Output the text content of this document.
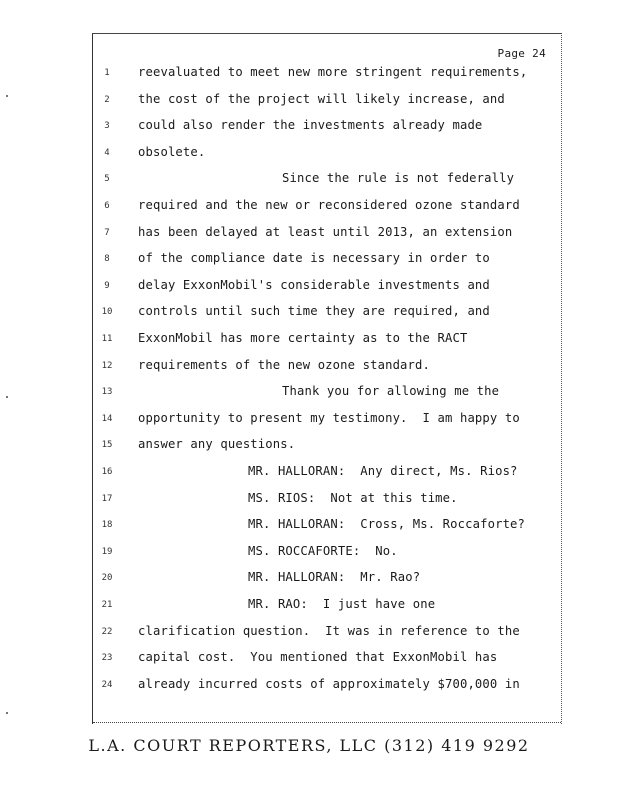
Page 24
1	reevaluated to meet new more stringent requirements,
2	the cost of the project will likely increase, and
3	could also render the investments already made
4	obsolete.
5	Since the rule is not federally
6	required and the new or reconsidered ozone standard
7	has been delayed at least until 2013, an extension
8	of the compliance date is necessary in order to
9	delay ExxonMobil's considerable investments and
10	controls until such time they are required, and
11	ExxonMobil has more certainty as to the RACT
12	requirements of the new ozone standard.
13	Thank you for allowing me the
14	opportunity to present my testimony.  I am happy to
15	answer any questions.
16	MR. HALLORAN:  Any direct, Ms. Rios?
17	MS. RIOS:  Not at this time.
18	MR. HALLORAN:  Cross, Ms. Roccaforte?
19	MS. ROCCAFORTE:  No.
20	MR. HALLORAN:  Mr. Rao?
21	MR. RAO:  I just have one
22	clarification question.  It was in reference to the
23	capital cost.  You mentioned that ExxonMobil has
24	already incurred costs of approximately $700,000 in
L.A. COURT REPORTERS, LLC (312) 419 9292
